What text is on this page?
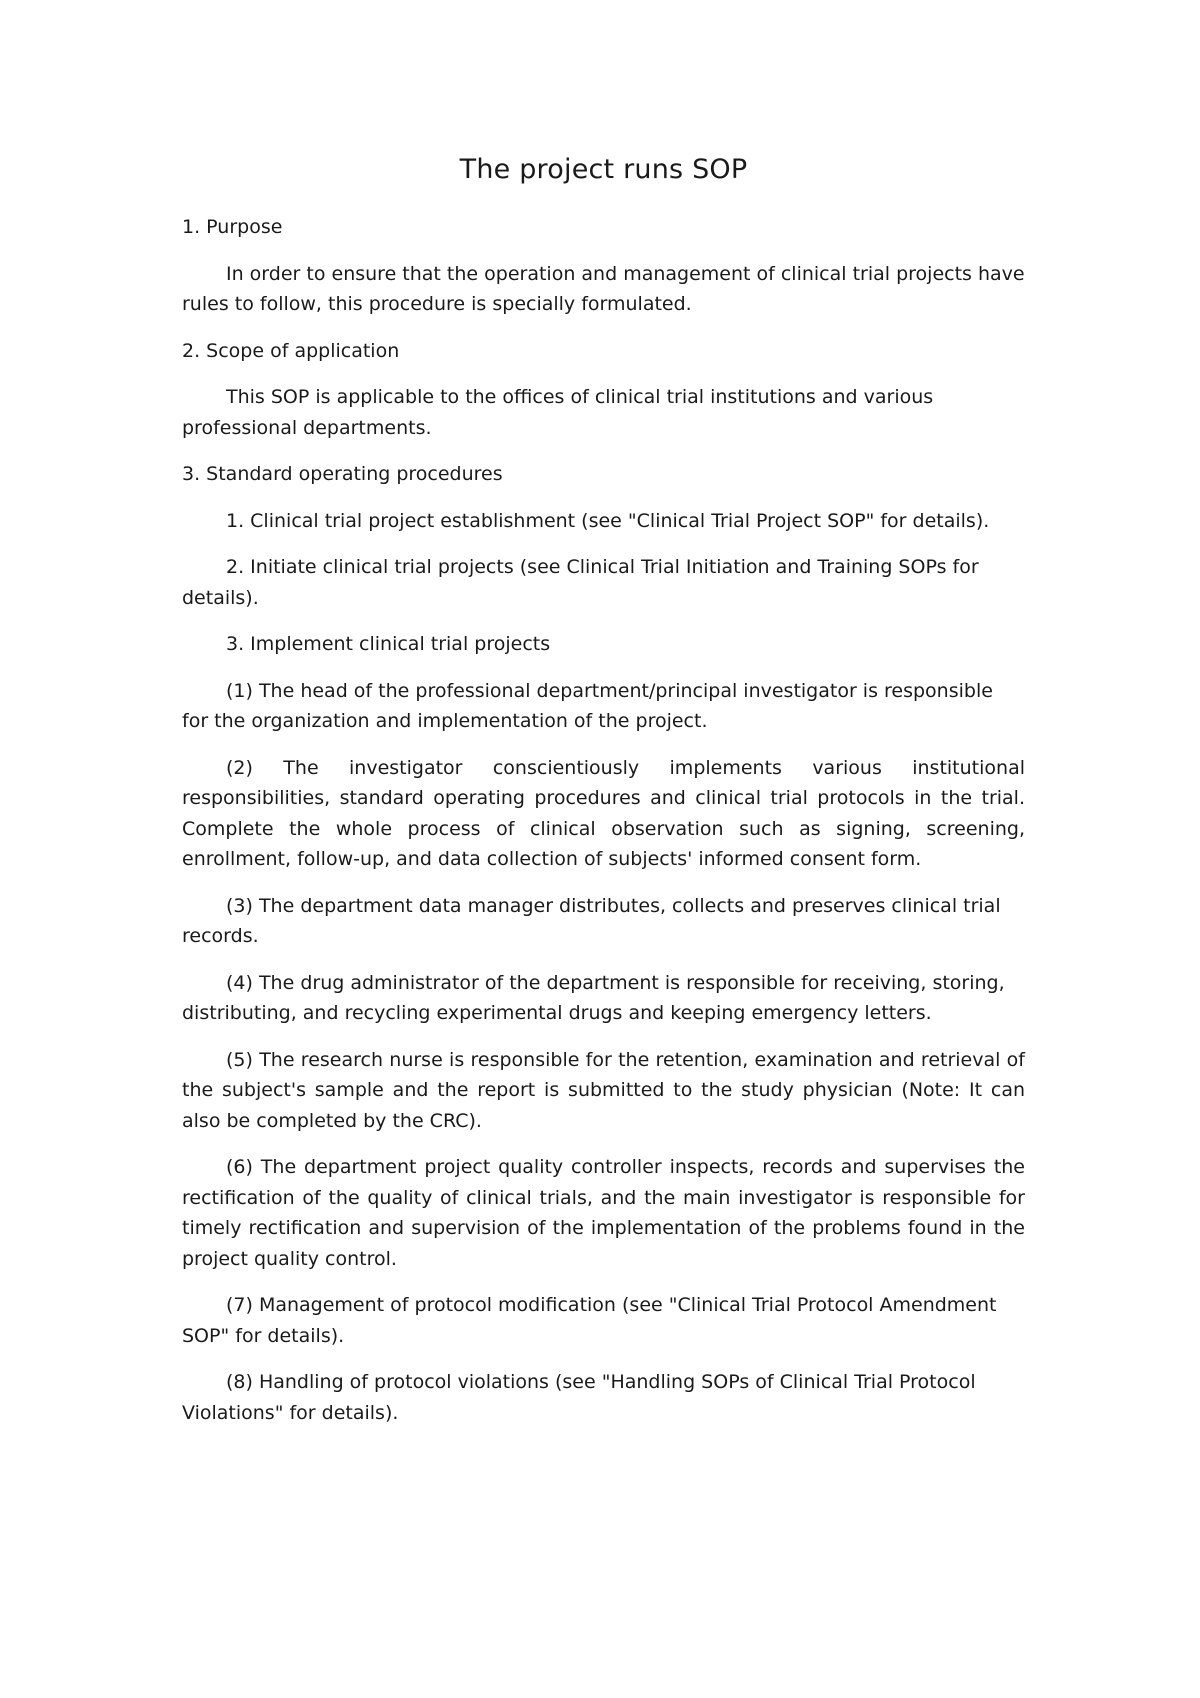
The project runs SOP

1. Purpose

In order to ensure that the operation and management of clinical trial projects have rules to follow, this procedure is specially formulated.

2. Scope of application

This SOP is applicable to the offices of clinical trial institutions and various professional departments.

3. Standard operating procedures

1. Clinical trial project establishment (see "Clinical Trial Project SOP" for details).

2. Initiate clinical trial projects (see Clinical Trial Initiation and Training SOPs for details).

3. Implement clinical trial projects

(1) The head of the professional department/principal investigator is responsible for the organization and implementation of the project.

(2) The investigator conscientiously implements various institutional responsibilities, standard operating procedures and clinical trial protocols in the trial. Complete the whole process of clinical observation such as signing, screening, enrollment, follow-up, and data collection of subjects' informed consent form.

(3) The department data manager distributes, collects and preserves clinical trial records.

(4) The drug administrator of the department is responsible for receiving, storing, distributing, and recycling experimental drugs and keeping emergency letters.

(5) The research nurse is responsible for the retention, examination and retrieval of the subject's sample and the report is submitted to the study physician (Note: It can also be completed by the CRC).

(6) The department project quality controller inspects, records and supervises the rectification of the quality of clinical trials, and the main investigator is responsible for timely rectification and supervision of the implementation of the problems found in the project quality control.

(7) Management of protocol modification (see "Clinical Trial Protocol Amendment SOP" for details).

(8) Handling of protocol violations (see "Handling SOPs of Clinical Trial Protocol Violations" for details).
